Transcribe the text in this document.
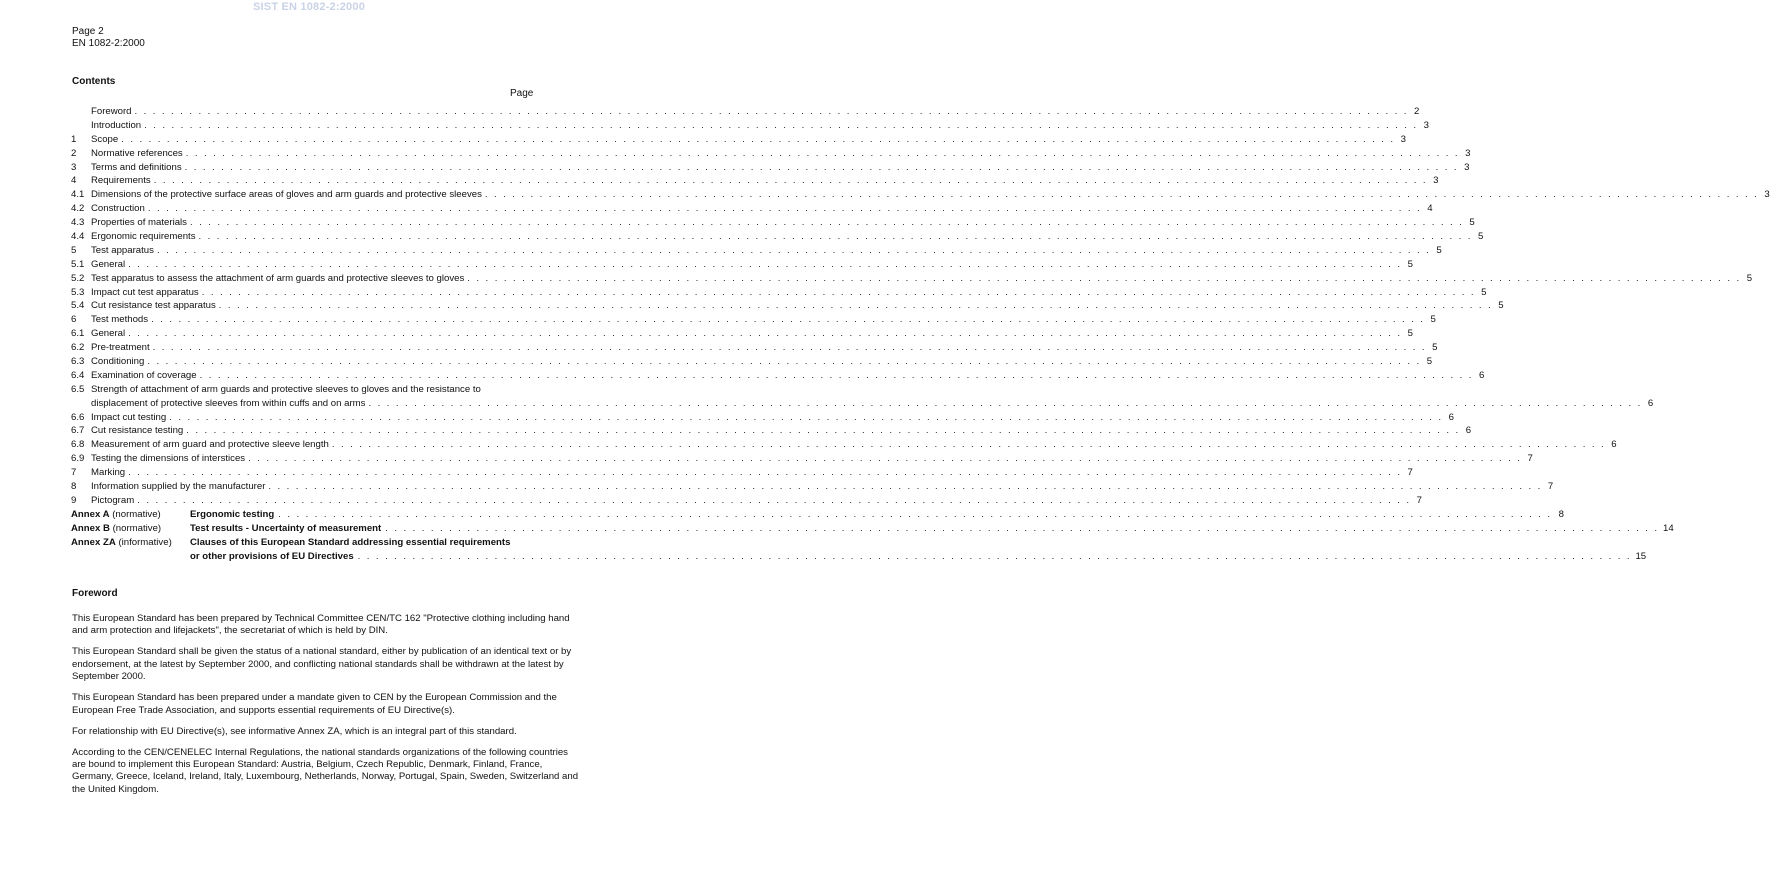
SIST EN 1082-2:2000
Page 2
EN 1082-2:2000
Contents
Page
Foreword . . . . . . . . . . . . . . . . . . . . . . . . . . . . . . . . . . . . . . . . . . . . . . . . . . . . . . . . . . . . . . . . . . . . . . . . . . . . . . . . . . . . . . . . . . . . . . . . . . . . . . . . . . . . . . . . . . . . . . . . . . . . . . . . . . . . . . . . . . . . 2
Introduction . . . . . . . . . . . . . . . . . . . . . . . . . . . . . . . . . . . . . . . . . . . . . . . . . . . . . . . . . . . . . . . . . . . . . . . . . . . . . . . . . . . . . . . . . . . . . . . . . . . . . . . . . . . . . . . . . . . . . . . . . . . . . . . . . . . . . . . . . . . . 3
1	Scope . . . . . . . . . . . . . . . . . . . . . . . . . . . . . . . . . . . . . . . . . . . . . . . . . . . . . . . . . . . . . . . . . . . . . . . . . . . . . . . . . . . . . . . . . . . . . . . . . . . . . . . . . . . . . . . . . . . . . . . . . . . . . . . . . . . . . . . . . . . . 3
2	Normative references . . . . . . . . . . . . . . . . . . . . . . . . . . . . . . . . . . . . . . . . . . . . . . . . . . . . . . . . . . . . . . . . . . . . . . . . . . . . . . . . . . . . . . . . . . . . . . . . . . . . . . . . . . . . . . . . . . . . . . . . . . . . . . . . . . . . . . . . . . . . 3
3	Terms and definitions . . . . . . . . . . . . . . . . . . . . . . . . . . . . . . . . . . . . . . . . . . . . . . . . . . . . . . . . . . . . . . . . . . . . . . . . . . . . . . . . . . . . . . . . . . . . . . . . . . . . . . . . . . . . . . . . . . . . . . . . . . . . . . . . . . . . . . . . . . . . 3
4	Requirements . . . . . . . . . . . . . . . . . . . . . . . . . . . . . . . . . . . . . . . . . . . . . . . . . . . . . . . . . . . . . . . . . . . . . . . . . . . . . . . . . . . . . . . . . . . . . . . . . . . . . . . . . . . . . . . . . . . . . . . . . . . . . . . . . . . . . . . . . . . . 3
4.1 Dimensions of the protective surface areas of gloves and arm guards and protective sleeves . . . . . . . . . . . . . . . . . . . . . . . . . . . . . . . . . . . . . . . . . . . . . . . . . . . . . . . . . . . . . . . . . . . . . . . . . . . . . . . . . . . . . . . . . . . . . . . . . . . . . . . . . . . . . . . . . . . . . . . . . . . . . . . . . . . . . . . . . . . . 3
4.2 Construction . . . . . . . . . . . . . . . . . . . . . . . . . . . . . . . . . . . . . . . . . . . . . . . . . . . . . . . . . . . . . . . . . . . . . . . . . . . . . . . . . . . . . . . . . . . . . . . . . . . . . . . . . . . . . . . . . . . . . . . . . . . . . . . . . . . . . . . . . . . . 4
4.3 Properties of materials . . . . . . . . . . . . . . . . . . . . . . . . . . . . . . . . . . . . . . . . . . . . . . . . . . . . . . . . . . . . . . . . . . . . . . . . . . . . . . . . . . . . . . . . . . . . . . . . . . . . . . . . . . . . . . . . . . . . . . . . . . . . . . . . . . . . . . . . . . . . 5
4.4 Ergonomic requirements . . . . . . . . . . . . . . . . . . . . . . . . . . . . . . . . . . . . . . . . . . . . . . . . . . . . . . . . . . . . . . . . . . . . . . . . . . . . . . . . . . . . . . . . . . . . . . . . . . . . . . . . . . . . . . . . . . . . . . . . . . . . . . . . . . . . . . . . . . . . 5
5	Test apparatus . . . . . . . . . . . . . . . . . . . . . . . . . . . . . . . . . . . . . . . . . . . . . . . . . . . . . . . . . . . . . . . . . . . . . . . . . . . . . . . . . . . . . . . . . . . . . . . . . . . . . . . . . . . . . . . . . . . . . . . . . . . . . . . . . . . . . . . . . . . . 5
5.1 General . . . . . . . . . . . . . . . . . . . . . . . . . . . . . . . . . . . . . . . . . . . . . . . . . . . . . . . . . . . . . . . . . . . . . . . . . . . . . . . . . . . . . . . . . . . . . . . . . . . . . . . . . . . . . . . . . . . . . . . . . . . . . . . . . . . . . . . . . . . . 5
5.2 Test apparatus to assess the attachment of arm guards and protective sleeves to gloves . . . . . . . . . . . . . . . . . . . . . . . . . . . . . . . . . . . . . . . . . . . . . . . . . . . . . . . . . . . . . . . . . . . . . . . . . . . . . . . . . . . . . . . . . . . . . . . . . . . . . . . . . . . . . . . . . . . . . . . . . . . . . . . . . . . . . . . . . . . . 5
5.3 Impact cut test apparatus . . . . . . . . . . . . . . . . . . . . . . . . . . . . . . . . . . . . . . . . . . . . . . . . . . . . . . . . . . . . . . . . . . . . . . . . . . . . . . . . . . . . . . . . . . . . . . . . . . . . . . . . . . . . . . . . . . . . . . . . . . . . . . . . . . . . . . . . . . . . 5
5.4 Cut resistance test apparatus . . . . . . . . . . . . . . . . . . . . . . . . . . . . . . . . . . . . . . . . . . . . . . . . . . . . . . . . . . . . . . . . . . . . . . . . . . . . . . . . . . . . . . . . . . . . . . . . . . . . . . . . . . . . . . . . . . . . . . . . . . . . . . . . . . . . . . . . . . . . 5
6	Test methods . . . . . . . . . . . . . . . . . . . . . . . . . . . . . . . . . . . . . . . . . . . . . . . . . . . . . . . . . . . . . . . . . . . . . . . . . . . . . . . . . . . . . . . . . . . . . . . . . . . . . . . . . . . . . . . . . . . . . . . . . . . . . . . . . . . . . . . . . . . . 5
6.1 General . . . . . . . . . . . . . . . . . . . . . . . . . . . . . . . . . . . . . . . . . . . . . . . . . . . . . . . . . . . . . . . . . . . . . . . . . . . . . . . . . . . . . . . . . . . . . . . . . . . . . . . . . . . . . . . . . . . . . . . . . . . . . . . . . . . . . . . . . . . . 5
6.2 Pre-treatment . . . . . . . . . . . . . . . . . . . . . . . . . . . . . . . . . . . . . . . . . . . . . . . . . . . . . . . . . . . . . . . . . . . . . . . . . . . . . . . . . . . . . . . . . . . . . . . . . . . . . . . . . . . . . . . . . . . . . . . . . . . . . . . . . . . . . . . . . . . . 5
6.3 Conditioning . . . . . . . . . . . . . . . . . . . . . . . . . . . . . . . . . . . . . . . . . . . . . . . . . . . . . . . . . . . . . . . . . . . . . . . . . . . . . . . . . . . . . . . . . . . . . . . . . . . . . . . . . . . . . . . . . . . . . . . . . . . . . . . . . . . . . . . . . . . . 5
6.4 Examination of coverage . . . . . . . . . . . . . . . . . . . . . . . . . . . . . . . . . . . . . . . . . . . . . . . . . . . . . . . . . . . . . . . . . . . . . . . . . . . . . . . . . . . . . . . . . . . . . . . . . . . . . . . . . . . . . . . . . . . . . . . . . . . . . . . . . . . . . . . . . . . . 6
6.5 Strength of attachment of arm guards and protective sleeves to gloves and the resistance to
displacement of protective sleeves from within cuffs and on arms . . . . . . . . . . . . . . . . . . . . . . . . . . . . . . . . . . . . . . . . . . . . . . . . . . . . . . . . . . . . . . . . . . . . . . . . . . . . . . . . . . . . . . . . . . . . . . . . . . . . . . . . . . . . . . . . . . . . . . . . . . . . . . . . . . . . . . . . . . . . 6
6.6 Impact cut testing . . . . . . . . . . . . . . . . . . . . . . . . . . . . . . . . . . . . . . . . . . . . . . . . . . . . . . . . . . . . . . . . . . . . . . . . . . . . . . . . . . . . . . . . . . . . . . . . . . . . . . . . . . . . . . . . . . . . . . . . . . . . . . . . . . . . . . . . . . . . 6
6.7 Cut resistance testing . . . . . . . . . . . . . . . . . . . . . . . . . . . . . . . . . . . . . . . . . . . . . . . . . . . . . . . . . . . . . . . . . . . . . . . . . . . . . . . . . . . . . . . . . . . . . . . . . . . . . . . . . . . . . . . . . . . . . . . . . . . . . . . . . . . . . . . . . . . . 6
6.8 Measurement of arm guard and protective sleeve length . . . . . . . . . . . . . . . . . . . . . . . . . . . . . . . . . . . . . . . . . . . . . . . . . . . . . . . . . . . . . . . . . . . . . . . . . . . . . . . . . . . . . . . . . . . . . . . . . . . . . . . . . . . . . . . . . . . . . . . . . . . . . . . . . . . . . . . . . . . . 6
6.9 Testing the dimensions of interstices . . . . . . . . . . . . . . . . . . . . . . . . . . . . . . . . . . . . . . . . . . . . . . . . . . . . . . . . . . . . . . . . . . . . . . . . . . . . . . . . . . . . . . . . . . . . . . . . . . . . . . . . . . . . . . . . . . . . . . . . . . . . . . . . . . . . . . . . . . . . 7
7	Marking . . . . . . . . . . . . . . . . . . . . . . . . . . . . . . . . . . . . . . . . . . . . . . . . . . . . . . . . . . . . . . . . . . . . . . . . . . . . . . . . . . . . . . . . . . . . . . . . . . . . . . . . . . . . . . . . . . . . . . . . . . . . . . . . . . . . . . . . . . . . 7
8	Information supplied by the manufacturer . . . . . . . . . . . . . . . . . . . . . . . . . . . . . . . . . . . . . . . . . . . . . . . . . . . . . . . . . . . . . . . . . . . . . . . . . . . . . . . . . . . . . . . . . . . . . . . . . . . . . . . . . . . . . . . . . . . . . . . . . . . . . . . . . . . . . . . . . . . . 7
9	Pictogram . . . . . . . . . . . . . . . . . . . . . . . . . . . . . . . . . . . . . . . . . . . . . . . . . . . . . . . . . . . . . . . . . . . . . . . . . . . . . . . . . . . . . . . . . . . . . . . . . . . . . . . . . . . . . . . . . . . . . . . . . . . . . . . . . . . . . . . . . . . . 7
Annex A (normative)	Ergonomic testing . . . . . . . . . . . . . . . . . . . . . . . . . . . . . . . . . . . . . . . . . . . . . . . . . . . . . . . . . . . . . . . . . . . . . . . . . . . . . . . . . . . . . . . . . . . . . . . . . . . . . . . . . . . . . . . . . . . . . . . . . . . . . . . . . . . . . . . . . . . . 8
Annex B (normative)	Test results - Uncertainty of measurement . . . . . . . . . . . . . . . . . . . . . . . . . . . . . . . . . . . . . . . . . . . . . . . . . . . . . . . . . . . . . . . . . . . . . . . . . . . . . . . . . . . . . . . . . . . . . . . . . . . . . . . . . . . . . . . . . . . . . . . . . . . . . . . . . . . . . . . . . . . . 14
Annex ZA (informative)	Clauses of this European Standard addressing essential requirements
or other provisions of EU Directives . . . . . . . . . . . . . . . . . . . . . . . . . . . . . . . . . . . . . . . . . . . . . . . . . . . . . . . . . . . . . . . . . . . . . . . . . . . . . . . . . . . . . . . . . . . . . . . . . . . . . . . . . . . . . . . . . . . . . . . . . . . . . . . . . . . . . . . . . . . . 15
Foreword

This European Standard has been prepared by Technical Committee CEN/TC 162 "Protective clothing including hand and arm protection and lifejackets", the secretariat of which is held by DIN.

This European Standard shall be given the status of a national standard, either by publication of an identical text or by endorsement, at the latest by September 2000, and conflicting national standards shall be withdrawn at the latest by September 2000.

This European Standard has been prepared under a mandate given to CEN by the European Commission and the European Free Trade Association, and supports essential requirements of EU Directive(s).

For relationship with EU Directive(s), see informative Annex ZA, which is an integral part of this standard.

According to the CEN/CENELEC Internal Regulations, the national standards organizations of the following countries are bound to implement this European Standard: Austria, Belgium, Czech Republic, Denmark, Finland, France, Germany, Greece, Iceland, Ireland, Italy, Luxembourg, Netherlands, Norway, Portugal, Spain, Sweden, Switzerland and the United Kingdom.
